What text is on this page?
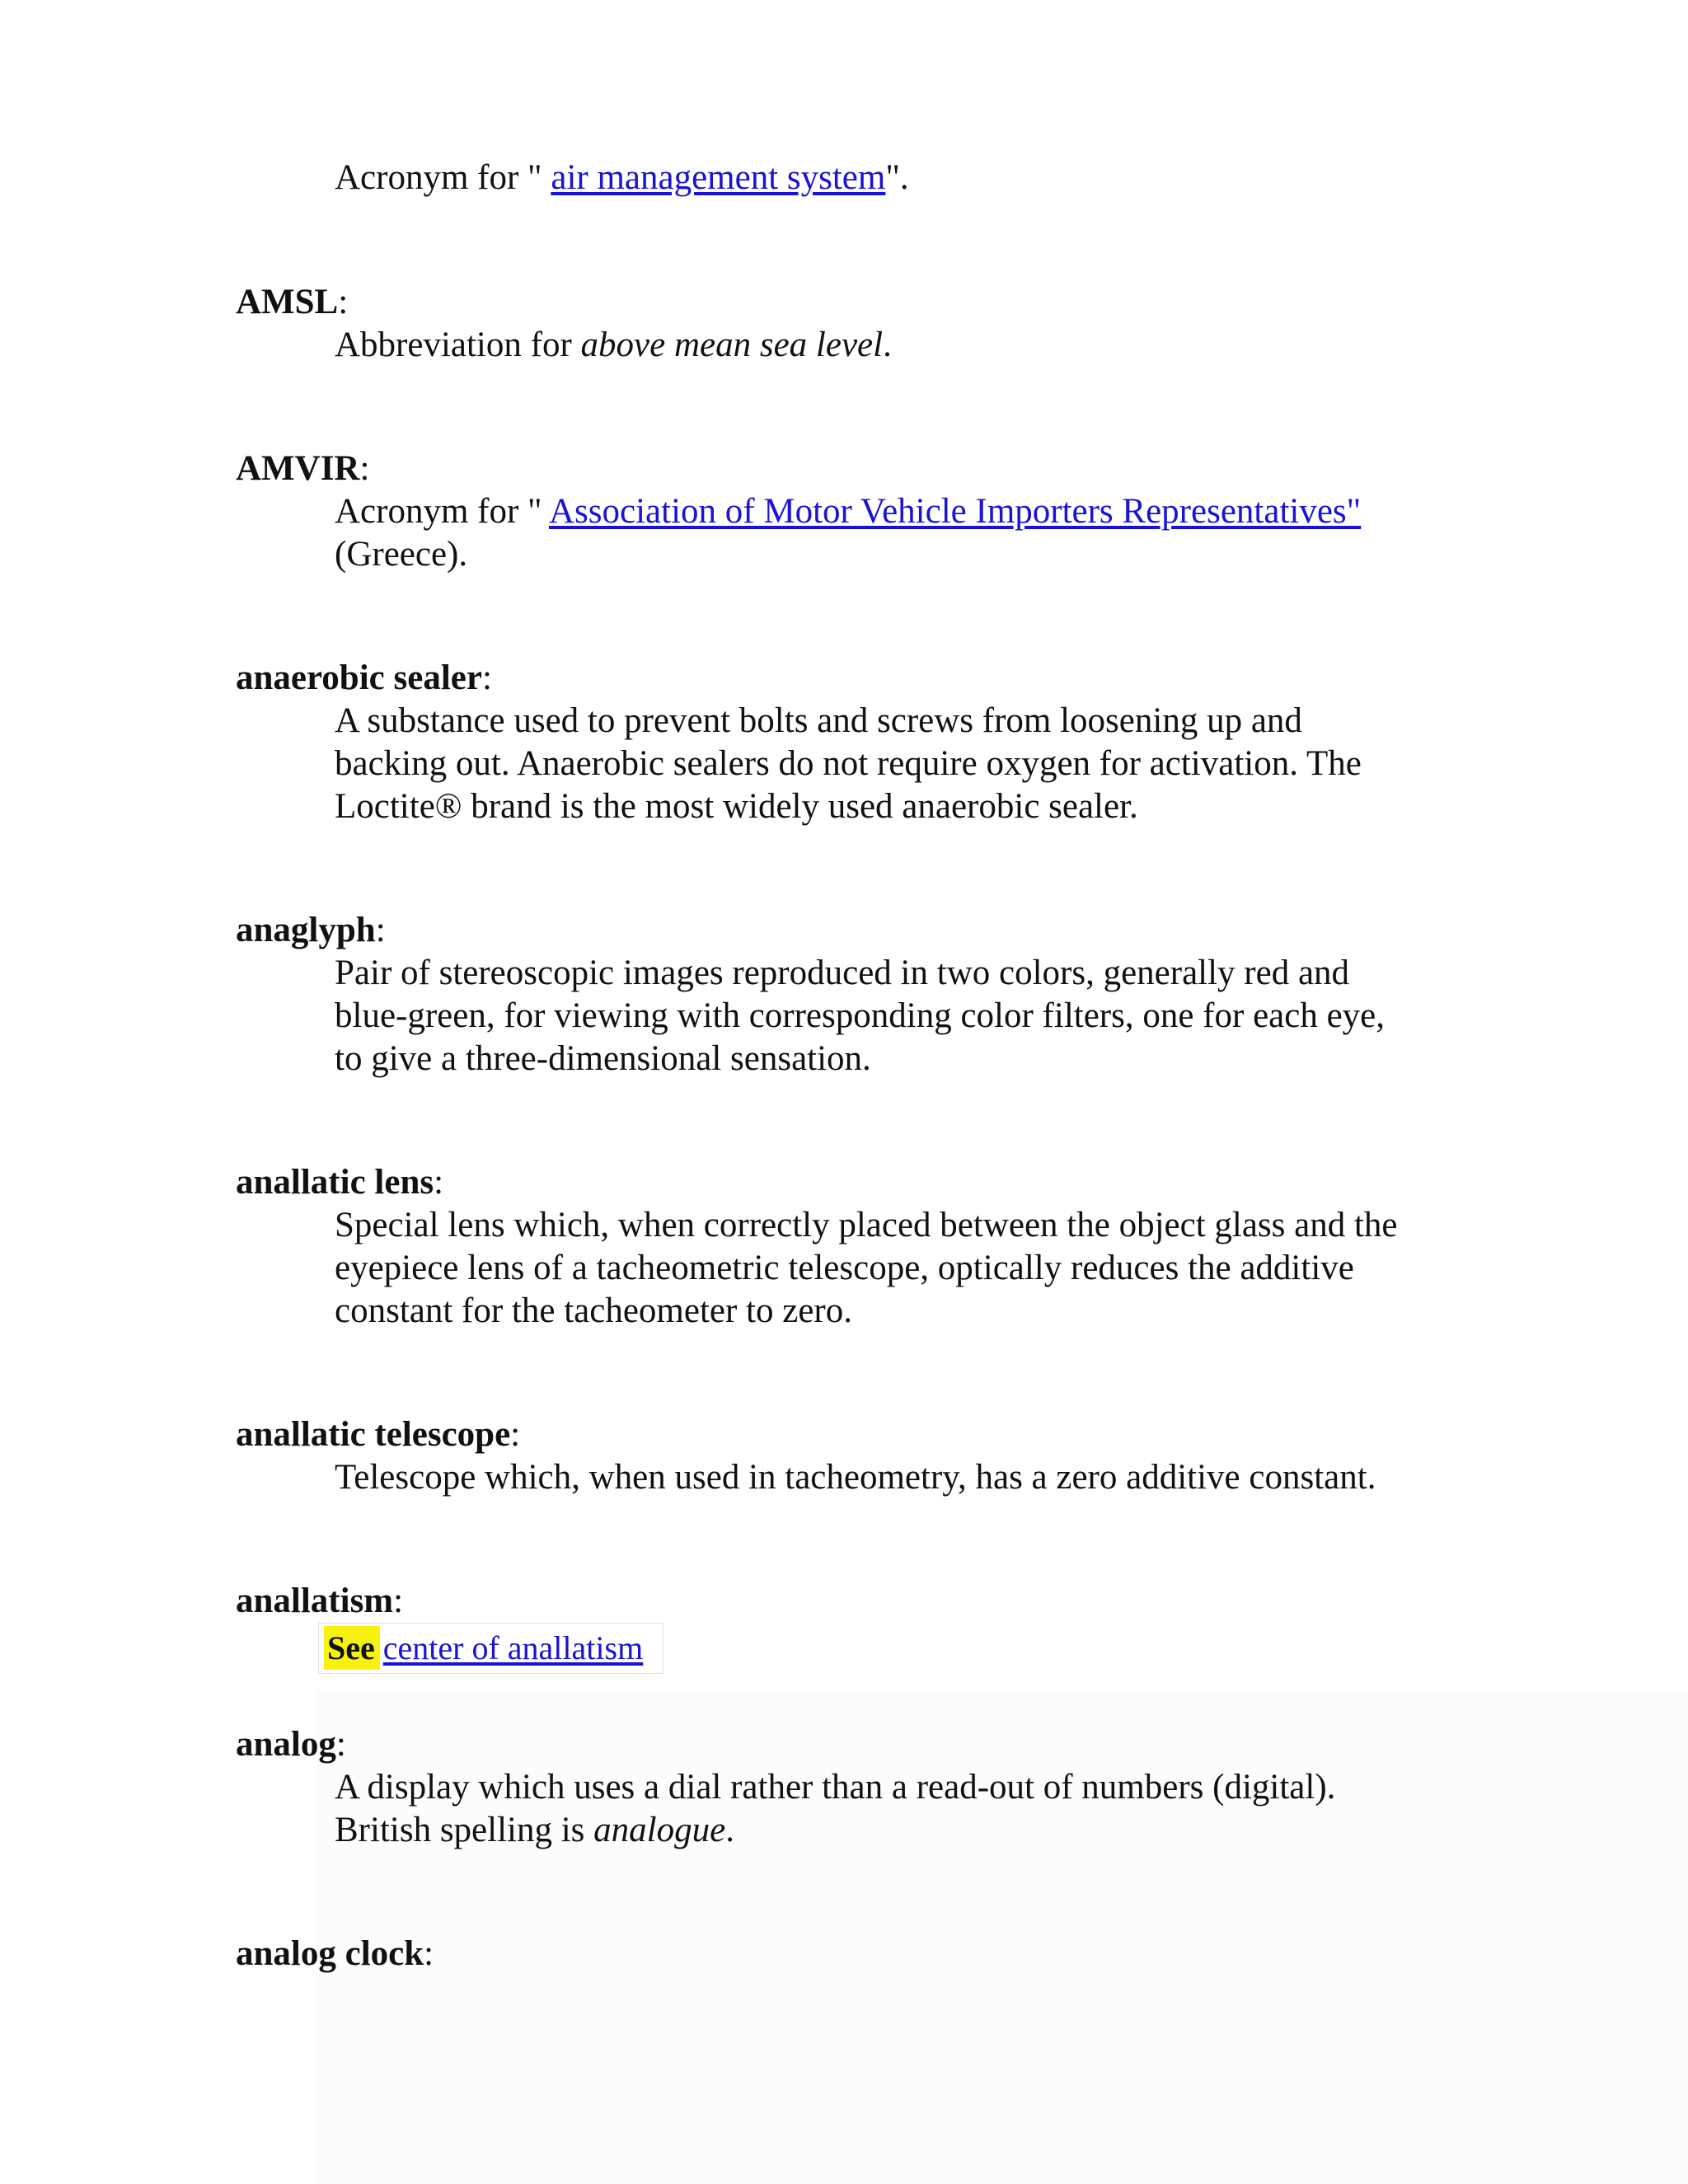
Acronym for " air management system".

AMSL:

Abbreviation for above mean sea level.

AMVIR:

Acronym for " Association of Motor Vehicle Importers Representatives"

(Greece).

anaerobic sealer:

A substance used to prevent bolts and screws from loosening up and

backing out. Anaerobic sealers do not require oxygen for activation. The

Loctite® brand is the most widely used anaerobic sealer.

anaglyph:

Pair of stereoscopic images reproduced in two colors, generally red and

blue-green, for viewing with corresponding color filters, one for each eye,

to give a three-dimensional sensation.

anallatic lens:

Special lens which, when correctly placed between the object glass and the

eyepiece lens of a tacheometric telescope, optically reduces the additive

constant for the tacheometer to zero.

anallatic telescope:

Telescope which, when used in tacheometry, has a zero additive constant.

anallatism:
See center of anallatism
analog:

A display which uses a dial rather than a read-out of numbers (digital).

British spelling is analogue.

analog clock:
